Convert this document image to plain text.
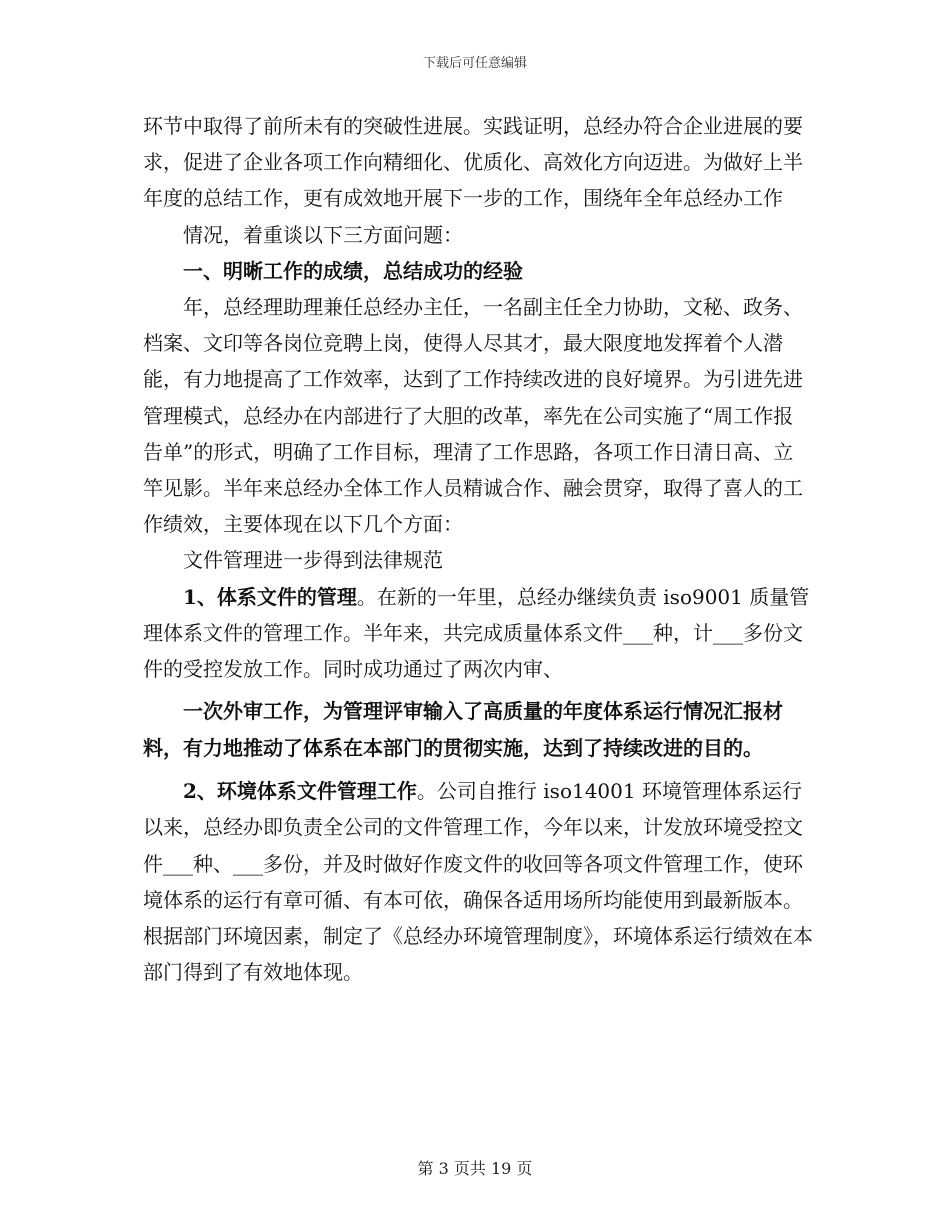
下载后可任意编辑

环节中取得了前所未有的突破性进展。实践证明，总经办符合企业进展的要求，促进了企业各项工作向精细化、优质化、高效化方向迈进。为做好上半年度的总结工作，更有成效地开展下一步的工作，围绕年全年总经办工作

情况，着重谈以下三方面问题：

一、明晰工作的成绩，总结成功的经验

年，总经理助理兼任总经办主任，一名副主任全力协助，文秘、政务、档案、文印等各岗位竞聘上岗，使得人尽其才，最大限度地发挥着个人潜能，有力地提高了工作效率，达到了工作持续改进的良好境界。为引进先进管理模式，总经办在内部进行了大胆的改革，率先在公司实施了“周工作报告单”的形式，明确了工作目标，理清了工作思路，各项工作日清日高、立竿见影。半年来总经办全体工作人员精诚合作、融会贯穿，取得了喜人的工作绩效，主要体现在以下几个方面：

文件管理进一步得到法律规范

1、体系文件的管理。在新的一年里，总经办继续负责 iso9001 质量管理体系文件的管理工作。半年来，共完成质量体系文件___种，计___多份文件的受控发放工作。同时成功通过了两次内审、

一次外审工作，为管理评审输入了高质量的年度体系运行情况汇报材料，有力地推动了体系在本部门的贯彻实施，达到了持续改进的目的。

2、环境体系文件管理工作。公司自推行 iso14001 环境管理体系运行以来，总经办即负责全公司的文件管理工作，今年以来，计发放环境受控文件___种、___多份，并及时做好作废文件的收回等各项文件管理工作，使环境体系的运行有章可循、有本可依，确保各适用场所均能使用到最新版本。根据部门环境因素，制定了《总经办环境管理制度》，环境体系运行绩效在本部门得到了有效地体现。

第 3 页共 19 页
